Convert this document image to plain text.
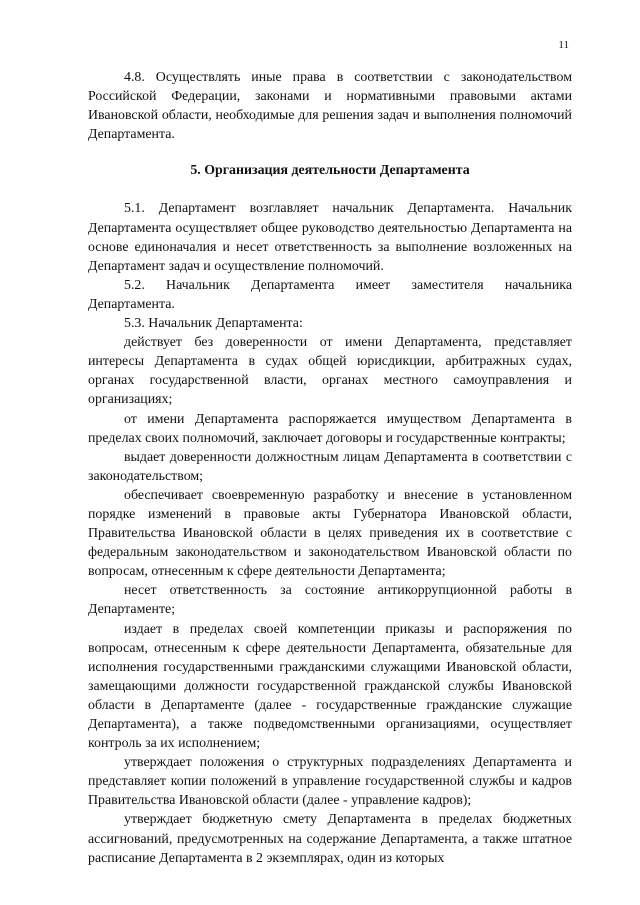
11

4.8. Осуществлять иные права в соответствии с законодательством Российской Федерации, законами и нормативными правовыми актами Ивановской области, необходимые для решения задач и выполнения полномочий Департамента.

5. Организация деятельности Департамента

5.1. Департамент возглавляет начальник Департамента. Начальник Департамента осуществляет общее руководство деятельностью Департамента на основе единоначалия и несет ответственность за выполнение возложенных на Департамент задач и осуществление полномочий.

5.2. Начальник Департамента имеет заместителя начальника Департамента.

5.3. Начальник Департамента:

действует без доверенности от имени Департамента, представляет интересы Департамента в судах общей юрисдикции, арбитражных судах, органах государственной власти, органах местного самоуправления и организациях;

от имени Департамента распоряжается имуществом Департамента в пределах своих полномочий, заключает договоры и государственные контракты;

выдает доверенности должностным лицам Департамента в соответствии с законодательством;

обеспечивает своевременную разработку и внесение в установленном порядке изменений в правовые акты Губернатора Ивановской области, Правительства Ивановской области в целях приведения их в соответствие с федеральным законодательством и законодательством Ивановской области по вопросам, отнесенным к сфере деятельности Департамента;

несет ответственность за состояние антикоррупционной работы в Департаменте;

издает в пределах своей компетенции приказы и распоряжения по вопросам, отнесенным к сфере деятельности Департамента, обязательные для исполнения государственными гражданскими служащими Ивановской области, замещающими должности государственной гражданской службы Ивановской области в Департаменте (далее - государственные гражданские служащие Департамента), а также подведомственными организациями, осуществляет контроль за их исполнением;

утверждает положения о структурных подразделениях Департамента и представляет копии положений в управление государственной службы и кадров Правительства Ивановской области (далее - управление кадров);

утверждает бюджетную смету Департамента в пределах бюджетных ассигнований, предусмотренных на содержание Департамента, а также штатное расписание Департамента в 2 экземплярах, один из которых
